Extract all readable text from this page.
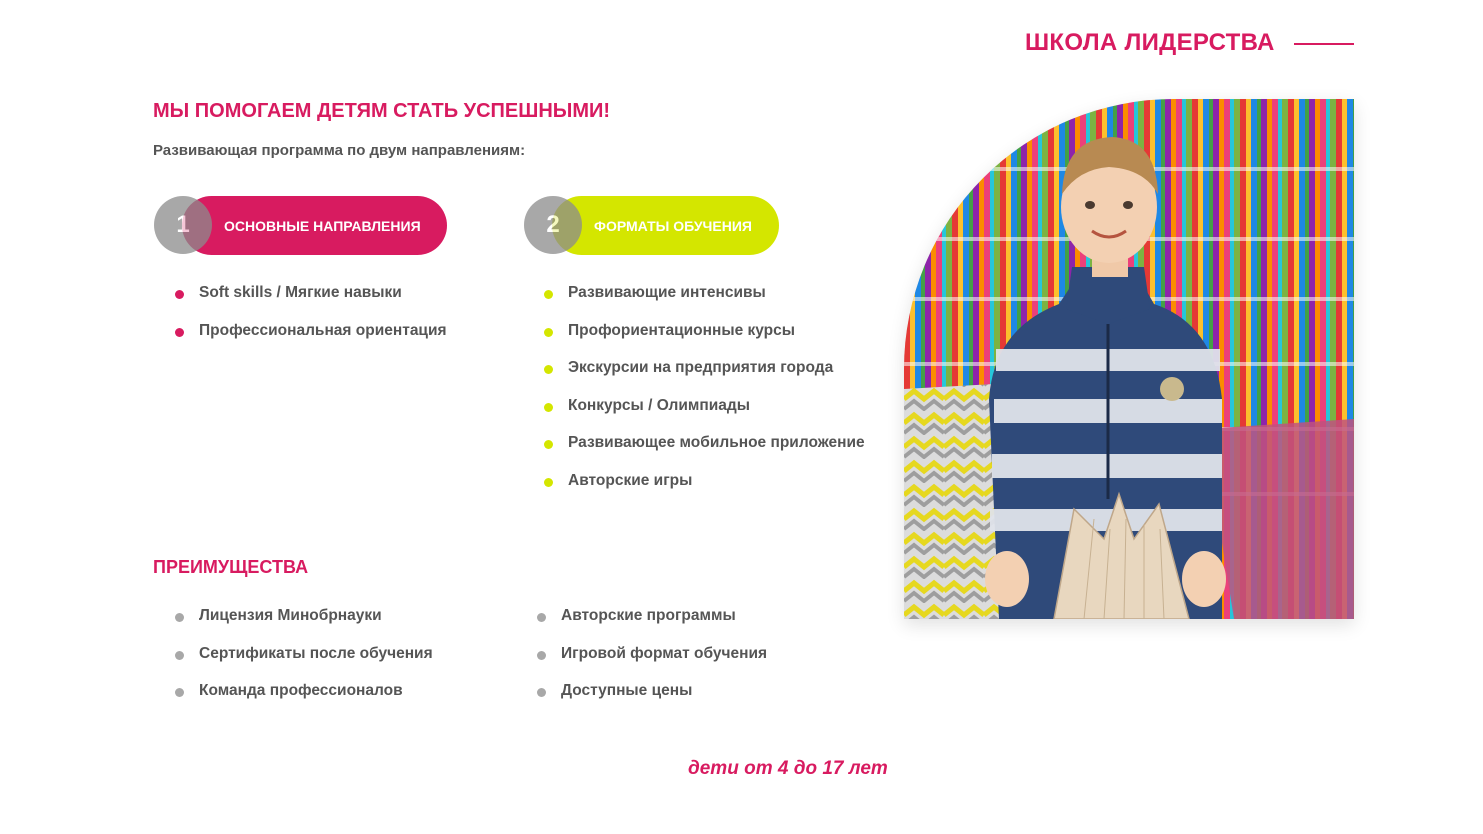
ШКОЛА ЛИДЕРСТВА
МЫ ПОМОГАЕМ ДЕТЯМ СТАТЬ УСПЕШНЫМИ!
Развивающая программа по двум направлениям:
1	ОСНОВНЫЕ НАПРАВЛЕНИЯ
Soft skills / Мягкие навыки
Профессиональная ориентация
2	ФОРМАТЫ ОБУЧЕНИЯ
Развивающие интенсивы
Профориентационные курсы
Экскурсии на предприятия города
Конкурсы / Олимпиады
Развивающее мобильное приложение
Авторские игры
ПРЕИМУЩЕСТВА
Лицензия Минобрнауки
Сертификаты после обучения
Команда профессионалов
Авторские программы
Игровой формат обучения
Доступные цены
дети от 4 до 17 лет
